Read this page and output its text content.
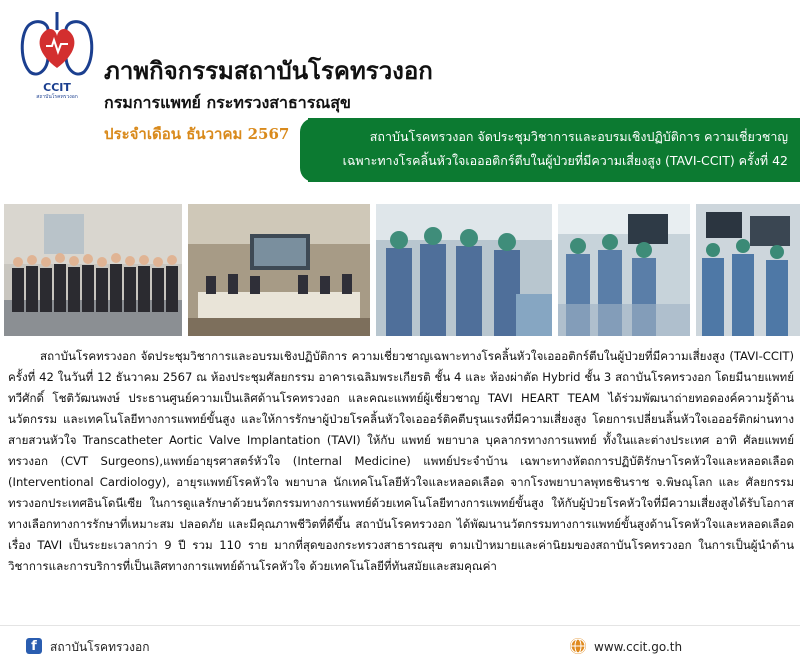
CCIT
สถาบันโรคทรวงอก
ภาพกิจกรรมสถาบันโรคทรวงอก
กรมการแพทย์ กระทรวงสาธารณสุข
ประจำเดือน ธันวาคม 2567	สถาบันโรคทรวงอก จัดประชุมวิชาการและอบรมเชิงปฏิบัติการ ความเชี่ยวชาญ
เฉพาะทางโรคลิ้นหัวใจเอออติกร์ตีบในผู้ป่วยที่มีความเสี่ยงสูง (TAVI-CCIT) ครั้งที่ 42

สถาบันโรคทรวงอก จัดประชุมวิชาการและอบรมเชิงปฏิบัติการ ความเชี่ยวชาญเฉพาะทางโรคลิ้นหัวใจเอออติกร์ตีบในผู้ป่วยที่มีความเสี่ยงสูง (TAVI-CCIT) ครั้งที่ 42 ในวันที่ 12 ธันวาคม 2567 ณ ห้องประชุมศัลยกรรม อาคารเฉลิมพระเกียรติ ชั้น 4 และ ห้องผ่าตัด Hybrid ชั้น 3 สถาบันโรคทรวงอก โดยมีนายแพทย์ทวีศักดิ์ โชติวัฒนพงษ์ ประธานศูนย์ความเป็นเลิศด้านโรคทรวงอก และคณะแพทย์ผู้เชี่ยวชาญ TAVI HEART TEAM ได้ร่วมพัฒนาถ่ายทอดองค์ความรู้ด้านนวัตกรรม และเทคโนโลยีทางการแพทย์ขั้นสูง และให้การรักษาผู้ป่วยโรคลิ้นหัวใจเอออร์ติคตีบรุนแรงที่มีความเสี่ยงสูง โดยการเปลี่ยนลิ้นหัวใจเอออร์ติกผ่านทางสายสวนหัวใจ Transcatheter Aortic Valve Implantation (TAVI) ให้กับ แพทย์ พยาบาล บุคลากรทางการแพทย์ ทั้งในและต่างประเทศ อาทิ ศัลยแพทย์ทรวงอก (CVT Surgeons),แพทย์อายุรศาสตร์หัวใจ (Internal Medicine) แพทย์ประจำบ้าน เฉพาะทางหัตถการปฏิบัติรักษาโรคหัวใจและหลอดเลือด (Interventional Cardiology), อายุรแพทย์โรคหัวใจ พยาบาล นักเทคโนโลยีหัวใจและหลอดเลือด จากโรงพยาบาลพุทธชินราช จ.พิษณุโลก และ ศัลยกรรมทรวงอกประเทศอินโดนีเซีย ในการดูแลรักษาด้วยนวัตกรรมทางการแพทย์ด้วยเทคโนโลยีทางการแพทย์ขั้นสูง ให้กับผู้ป่วยโรคหัวใจที่มีความเสี่ยงสูงได้รับโอกาสทางเลือกทางการรักษาที่เหมาะสม ปลอดภัย และมีคุณภาพชีวิตที่ดีขึ้น สถาบันโรคทรวงอก ได้พัฒนานวัตกรรมทางการแพทย์ขั้นสูงด้านโรคหัวใจและหลอดเลือด เรื่อง TAVI เป็นระยะเวลากว่า 9 ปี รวม 110 ราย มากที่สุดของกระทรวงสาธารณสุข ตามเป้าหมายและค่านิยมของสถาบันโรคทรวงอก ในการเป็นผู้นำด้านวิชาการและการบริการที่เป็นเลิศทางการแพทย์ด้านโรคหัวใจ ด้วยเทคโนโลยีที่ทันสมัยและสมคุณค่า

f	สถาบันโรคทรวงอก	www.ccit.go.th
